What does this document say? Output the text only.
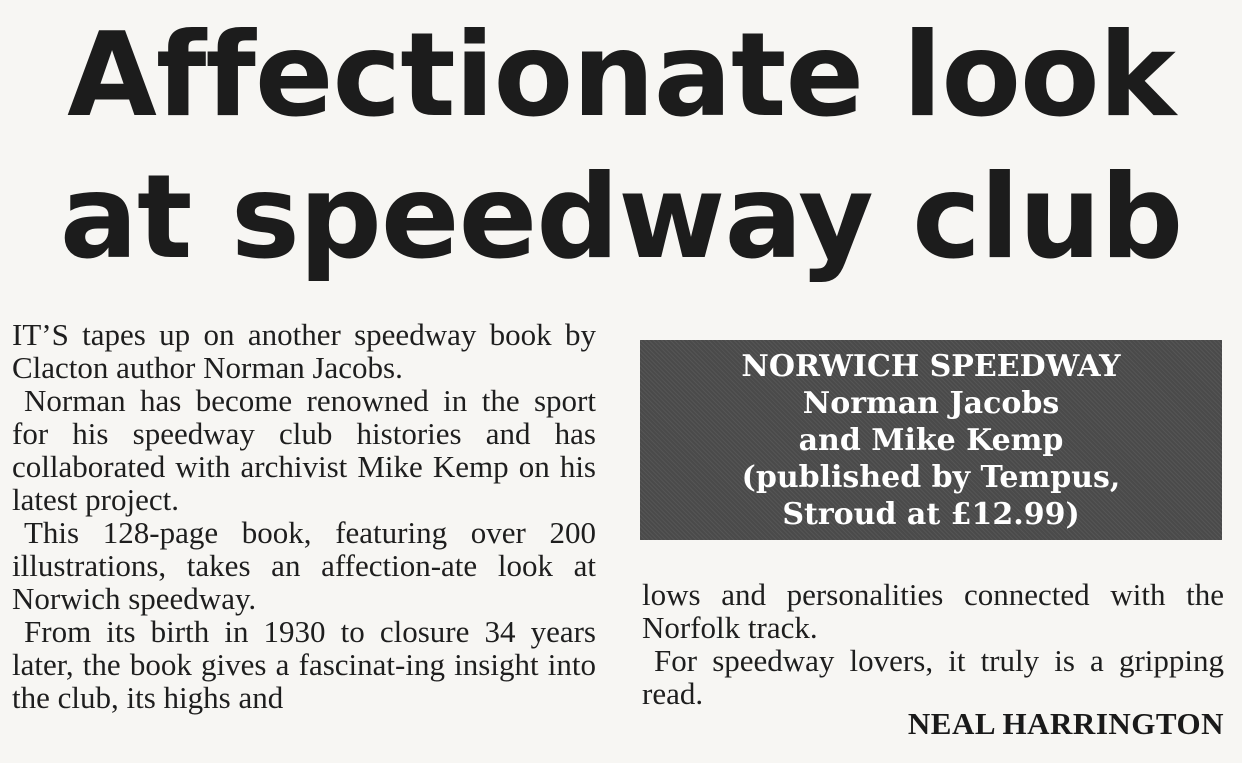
Affectionate look
at speedway club

IT’S tapes up on another speedway book by Clacton author Norman Jacobs.

Norman has become renowned in the sport for his speedway club histories and has collaborated with archivist Mike Kemp on his latest project.

This 128-page book, featuring over 200 illustrations, takes an affection-ate look at Norwich speedway.

From its birth in 1930 to closure 34 years later, the book gives a fascinat-ing insight into the club, its highs and

NORWICH SPEEDWAY
Norman Jacobs
and Mike Kemp
(published by Tempus,
Stroud at £12.99)

lows and personalities connected with the Norfolk track.

For speedway lovers, it truly is a gripping read.

NEAL HARRINGTON
